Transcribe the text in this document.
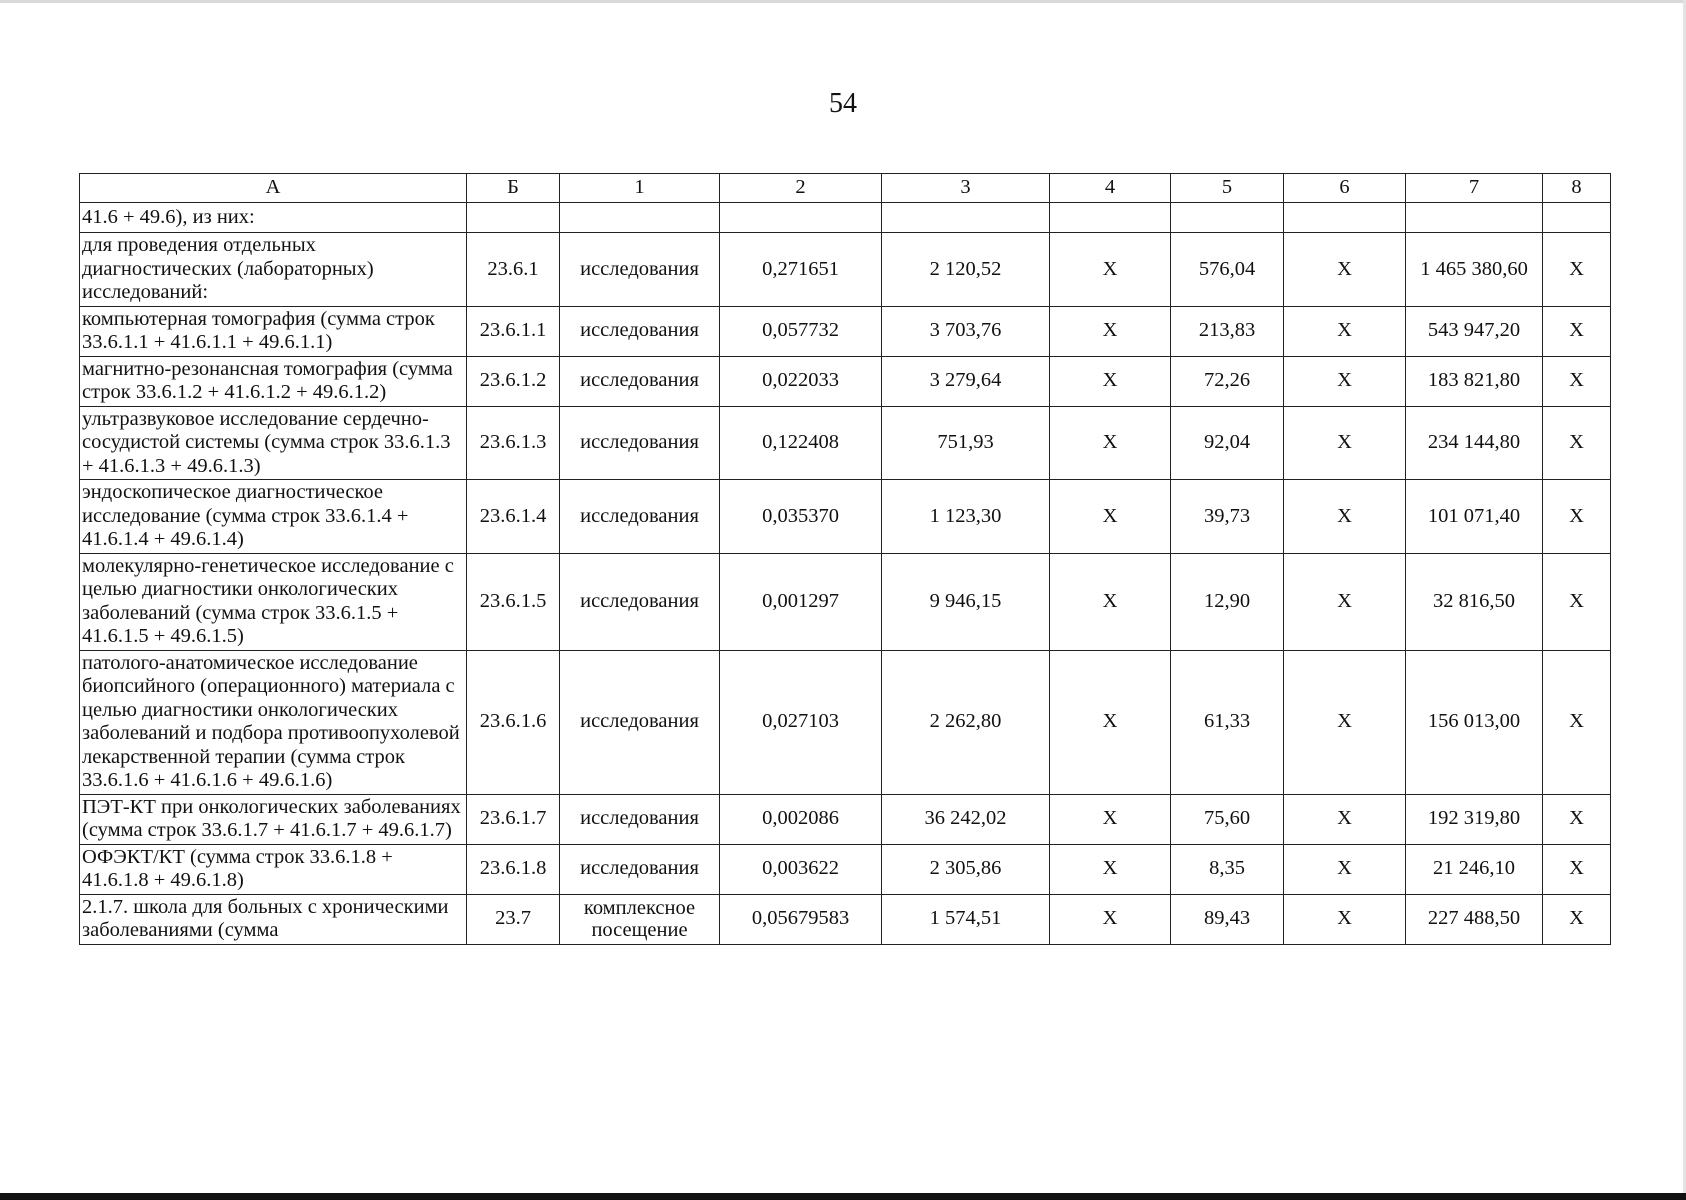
54
А	Б	1	2	3	4	5	6	7	8
41.6 + 49.6), из них:									
для проведения отдельных диагностических (лабораторных) исследований:	23.6.1	исследования	0,271651	2 120,52	X	576,04	X	1 465 380,60	X
компьютерная томография (сумма строк 33.6.1.1 + 41.6.1.1 + 49.6.1.1)	23.6.1.1	исследования	0,057732	3 703,76	X	213,83	X	543 947,20	X
магнитно-резонансная томография (сумма строк 33.6.1.2 + 41.6.1.2 + 49.6.1.2)	23.6.1.2	исследования	0,022033	3 279,64	X	72,26	X	183 821,80	X
ультразвуковое исследование сердечно-сосудистой системы (сумма строк 33.6.1.3 + 41.6.1.3 + 49.6.1.3)	23.6.1.3	исследования	0,122408	751,93	X	92,04	X	234 144,80	X
эндоскопическое диагностическое исследование (сумма строк 33.6.1.4 + 41.6.1.4 + 49.6.1.4)	23.6.1.4	исследования	0,035370	1 123,30	X	39,73	X	101 071,40	X
молекулярно-генетическое исследование с целью диагностики онкологических заболеваний (сумма строк 33.6.1.5 + 41.6.1.5 + 49.6.1.5)	23.6.1.5	исследования	0,001297	9 946,15	X	12,90	X	32 816,50	X
патолого-анатомическое исследование биопсийного (операционного) материала с целью диагностики онкологических заболеваний и подбора противоопухолевой лекарственной терапии (сумма строк 33.6.1.6 + 41.6.1.6 + 49.6.1.6)	23.6.1.6	исследования	0,027103	2 262,80	X	61,33	X	156 013,00	X
ПЭТ-КТ при онкологических заболеваниях (сумма строк 33.6.1.7 + 41.6.1.7 + 49.6.1.7)	23.6.1.7	исследования	0,002086	36 242,02	X	75,60	X	192 319,80	X
ОФЭКТ/КТ (сумма строк 33.6.1.8 + 41.6.1.8 + 49.6.1.8)	23.6.1.8	исследования	0,003622	2 305,86	X	8,35	X	21 246,10	X
2.1.7. школа для больных с хроническими заболеваниями (сумма	23.7	комплексное посещение	0,05679583	1 574,51	X	89,43	X	227 488,50	X
